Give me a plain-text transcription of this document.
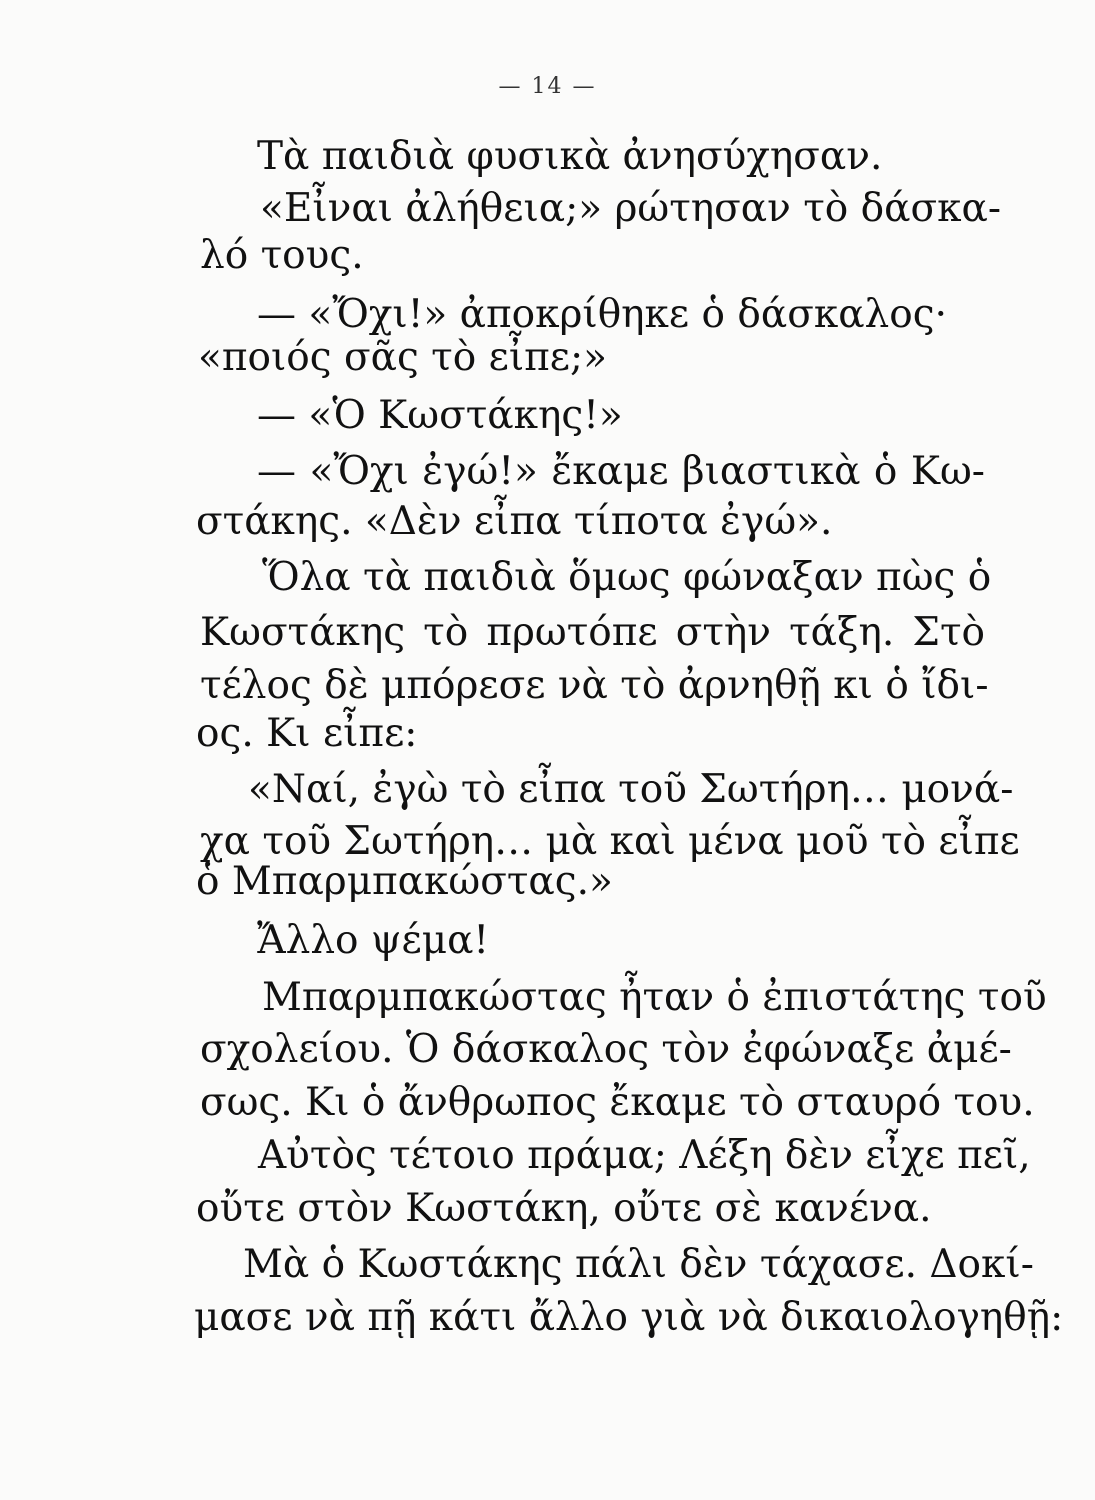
— 14 —
Τὰ παιδιὰ φυσικὰ ἀνησύχησαν.
«Εἶναι ἀλήθεια;» ρώτησαν τὸ δάσκα-
λό τους.
— «Ὄχι!» ἀποκρίθηκε ὁ δάσκαλος·
«ποιός σᾶς τὸ εἶπε;»
— «Ὁ Κωστάκης!»
— «Ὄχι ἐγώ!» ἔκαμε βιαστικὰ ὁ Κω-
στάκης. «Δὲν εἶπα τίποτα ἐγώ».
Ὅλα τὰ παιδιὰ ὅμως φώναξαν πὼς ὁ
Κωστάκης τὸ πρωτόπε στὴν τάξη. Στὸ
τέλος δὲ μπόρεσε νὰ τὸ ἀρνηθῇ κι ὁ ἴδι-
ος. Κι εἶπε:
«Ναί, ἐγὼ τὸ εἶπα τοῦ Σωτήρη… μονά-
χα τοῦ Σωτήρη… μὰ καὶ μένα μοῦ τὸ εἶπε
ὁ Μπαρμπακώστας.»
Ἄλλο ψέμα!
Μπαρμπακώστας ἦταν ὁ ἐπιστάτης τοῦ
σχολείου. Ὁ δάσκαλος τὸν ἐφώναξε ἀμέ-
σως. Κι ὁ ἄνθρωπος ἔκαμε τὸ σταυρό του.
Αὐτὸς τέτοιο πράμα; Λέξη δὲν εἶχε πεῖ,
οὔτε στὸν Κωστάκη, οὔτε σὲ κανένα.
Μὰ ὁ Κωστάκης πάλι δὲν τάχασε. Δοκί-
μασε νὰ πῇ κάτι ἄλλο γιὰ νὰ δικαιολογηθῇ:
